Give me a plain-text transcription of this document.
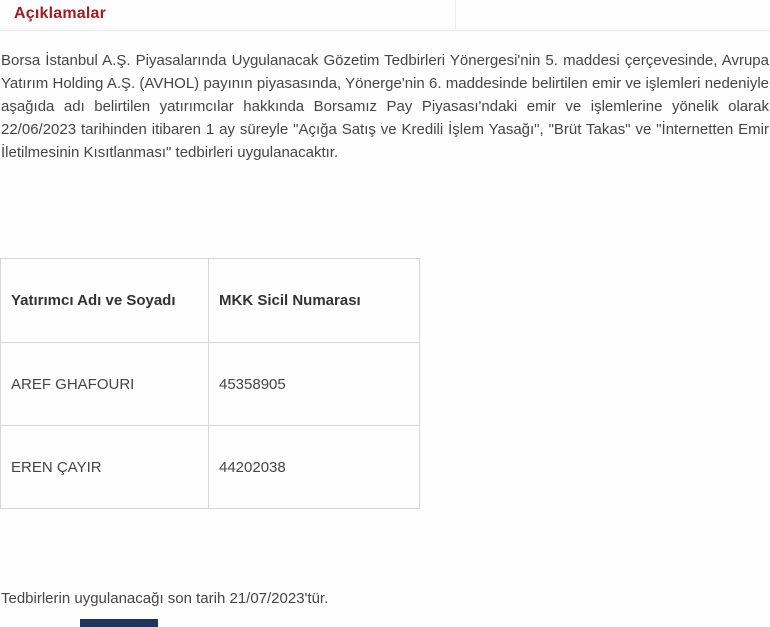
Açıklamalar

Borsa İstanbul A.Ş. Piyasalarında Uygulanacak Gözetim Tedbirleri Yönergesi'nin 5. maddesi çerçevesinde, Avrupa Yatırım Holding A.Ş. (AVHOL) payının piyasasında, Yönerge'nin 6. maddesinde belirtilen emir ve işlemleri nedeniyle aşağıda adı belirtilen yatırımcılar hakkında Borsamız Pay Piyasası'ndaki emir ve işlemlerine yönelik olarak 22/06/2023 tarihinden itibaren 1 ay süreyle "Açığa Satış ve Kredili İşlem Yasağı", "Brüt Takas" ve "İnternetten Emir İletilmesinin Kısıtlanması" tedbirleri uygulanacaktır.

Yatırımcı Adı ve Soyadı	MKK Sicil Numarası
AREF GHAFOURI	45358905
EREN ÇAYIR	44202038

Tedbirlerin uygulanacağı son tarih 21/07/2023'tür.
